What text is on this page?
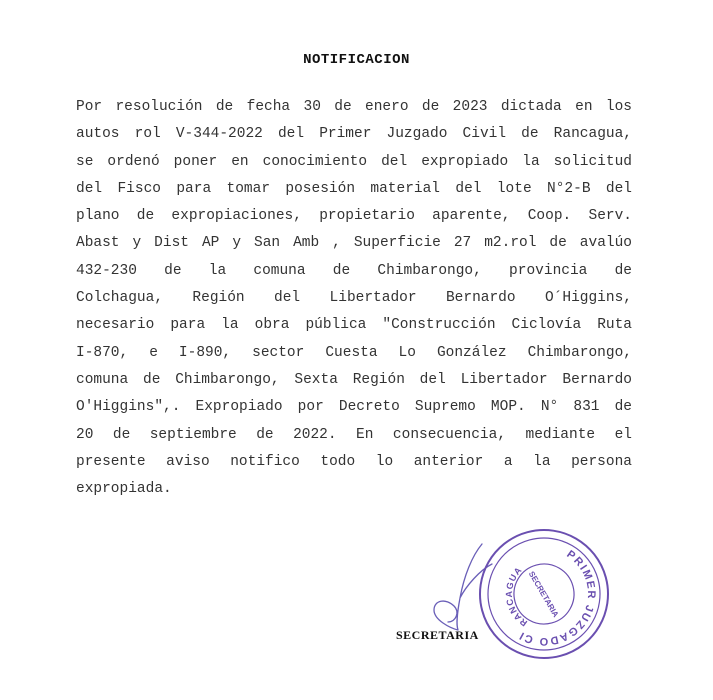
NOTIFICACION
Por resolución de fecha 30 de enero de 2023 dictada en los
autos rol V-344-2022 del Primer Juzgado Civil de Rancagua,
se ordenó poner en conocimiento del expropiado la solicitud
del Fisco para tomar posesión material del lote N°2-B del
plano de expropiaciones, propietario aparente, Coop. Serv.
Abast y Dist AP y San Amb , Superficie 27 m2.rol de avalúo
432-230 de la comuna de Chimbarongo, provincia de
Colchagua, Región del Libertador Bernardo O´Higgins,
necesario para la obra pública "Construcción Ciclovía Ruta
I-870, e I-890, sector Cuesta Lo González Chimbarongo,
comuna de Chimbarongo, Sexta Región del Libertador Bernardo
O'Higgins",. Expropiado por Decreto Supremo MOP. N° 831 de
20 de septiembre de 2022. En consecuencia, mediante el
presente aviso notifico todo lo anterior a la persona
expropiada.
PRIMER JUZGADO CIVIL
RANCAGUA SECRETARIA
SECRETARIA
